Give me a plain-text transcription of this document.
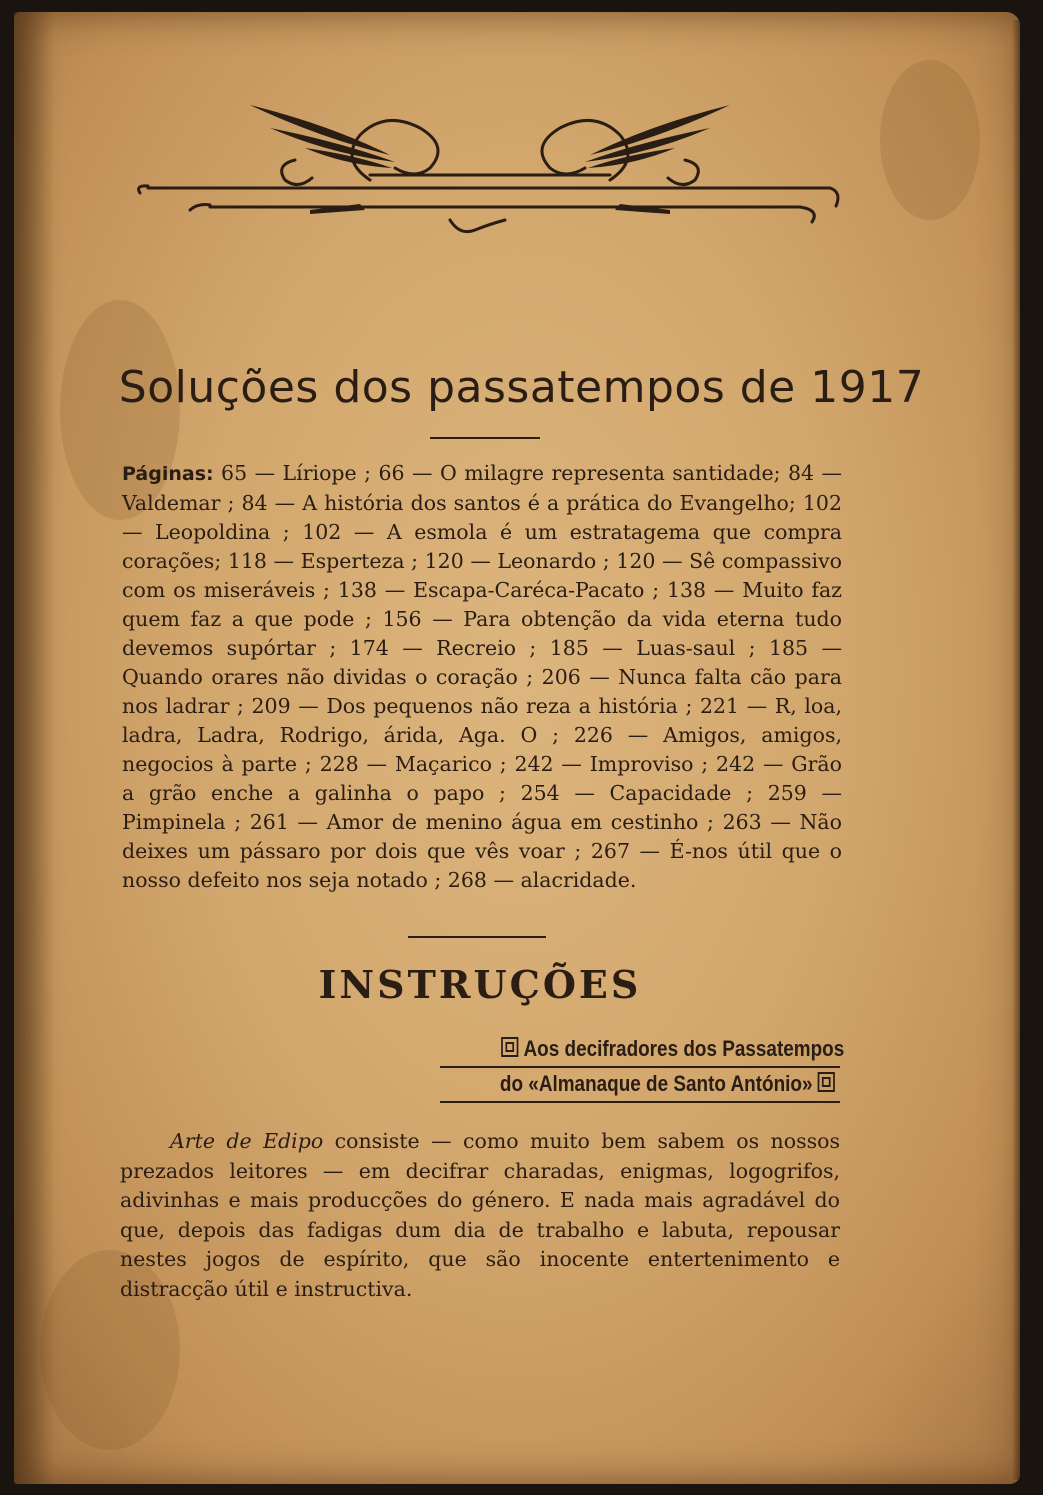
Soluções dos passatempos de 1917
Páginas: 65 — Líriope ; 66 — O milagre representa santidade; 84 — Valdemar ; 84 — A história dos santos é a prática do Evangelho; 102 — Leopoldina ; 102 — A esmola é um estratagema que compra corações; 118 — Esperteza ; 120 — Leonardo ; 120 — Sê compassivo com os miseráveis ; 138 — Escapa-Caréca-Pacato ; 138 — Muito faz quem faz a que pode ; 156 — Para obtenção da vida eterna tudo devemos supórtar ; 174 — Recreio ; 185 — Luas-saul ; 185 — Quando orares não dividas o coração ; 206 — Nunca falta cão para nos ladrar ; 209 — Dos pequenos não reza a história ; 221 — R, loa, ladra, Ladra, Rodrigo, árida, Aga. O ; 226 — Amigos, amigos, negocios à parte ; 228 — Maçarico ; 242 — Improviso ; 242 — Grão a grão enche a galinha o papo ; 254 — Capacidade ; 259 — Pimpinela ; 261 — Amor de menino água em cestinho ; 263 — Não deixes um pássaro por dois que vês voar ; 267 — É-nos útil que o nosso defeito nos seja notado ; 268 — alacridade.
INSTRUÇÕES
Aos decifradores dos Passatempos
do «Almanaque de Santo António»
Arte de Edipo consiste — como muito bem sabem os nossos prezados leitores — em decifrar charadas, enigmas, logogrifos, adivinhas e mais producções do género. E nada mais agradável do que, depois das fadigas dum dia de trabalho e labuta, repousar nestes jogos de espírito, que são inocente entertenimento e distracção útil e instructiva.
